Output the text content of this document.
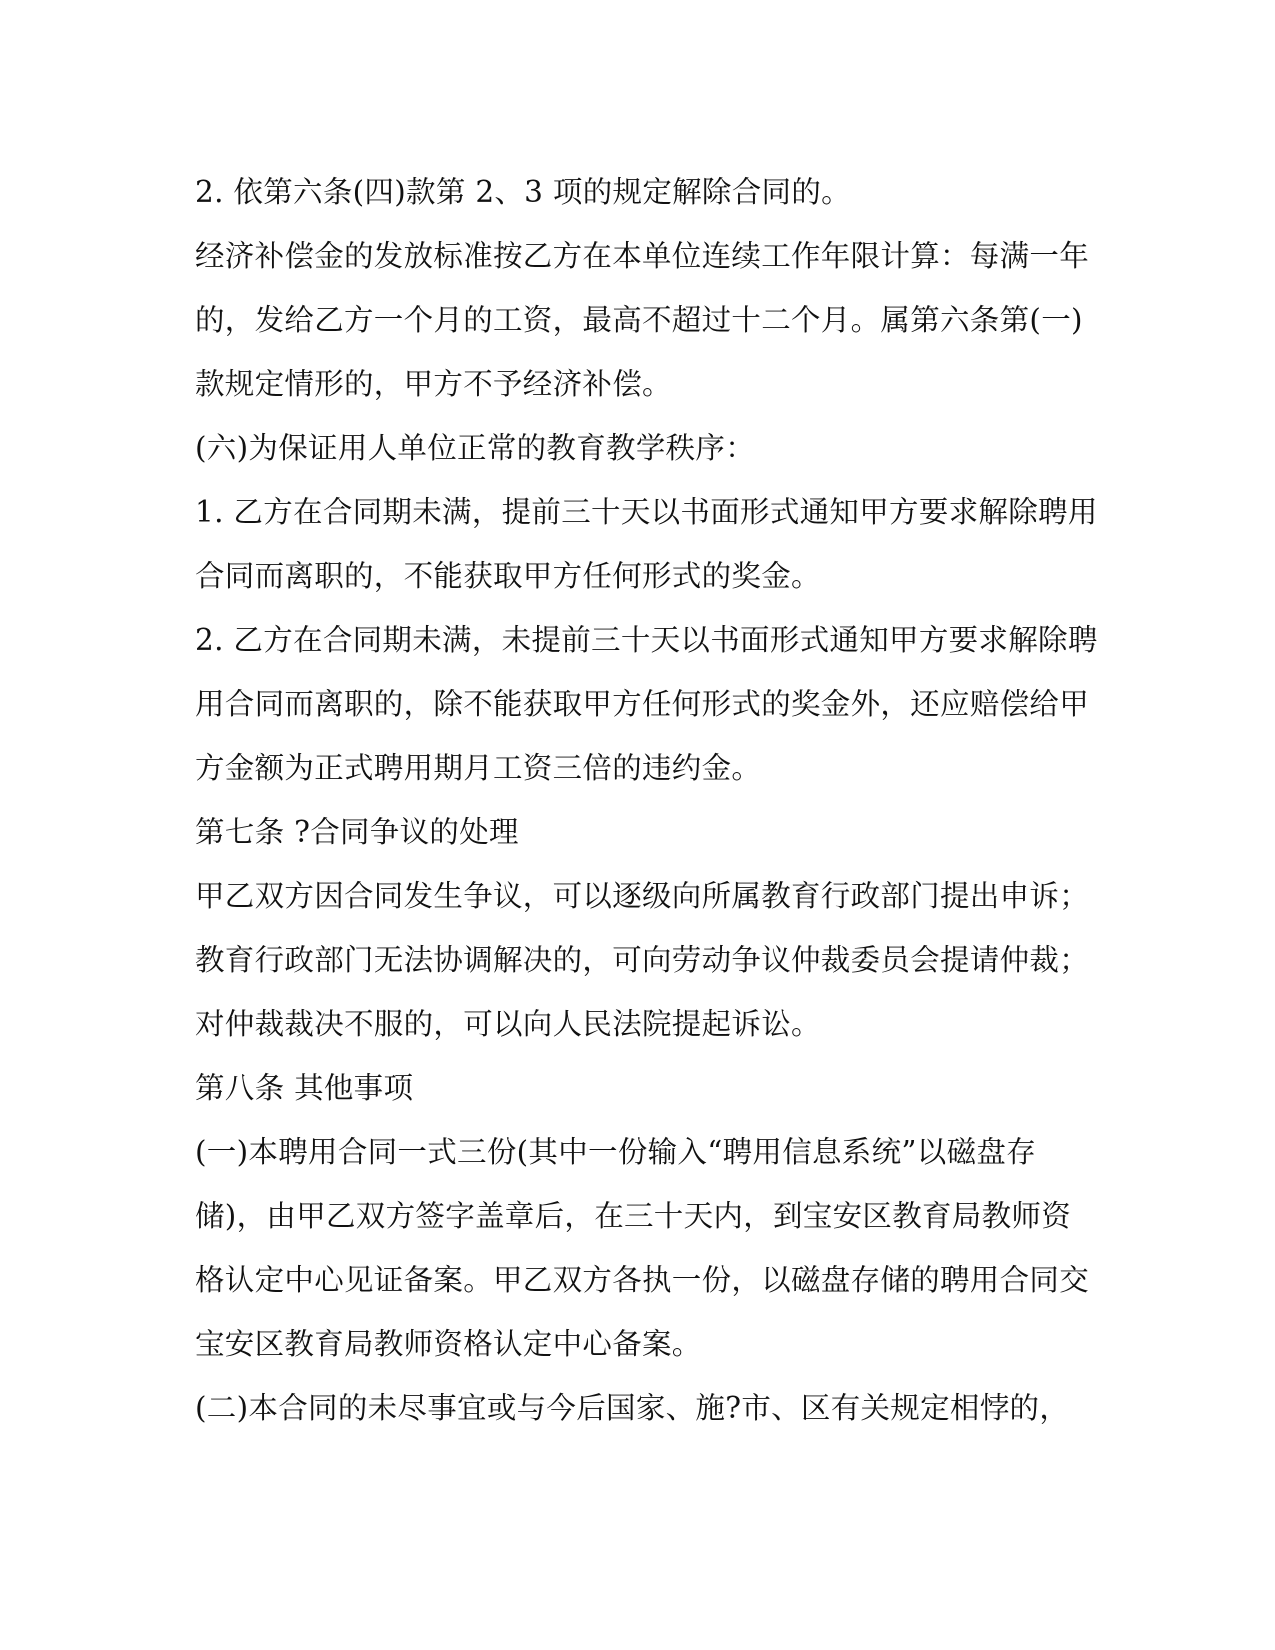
2. 依第六条(四)款第 2、3 项的规定解除合同的。

经济补偿金的发放标准按乙方在本单位连续工作年限计算：每满一年

的，发给乙方一个月的工资，最高不超过十二个月。属第六条第(一)

款规定情形的，甲方不予经济补偿。

(六)为保证用人单位正常的教育教学秩序：

1. 乙方在合同期未满，提前三十天以书面形式通知甲方要求解除聘用

合同而离职的，不能获取甲方任何形式的奖金。

2. 乙方在合同期未满，未提前三十天以书面形式通知甲方要求解除聘

用合同而离职的，除不能获取甲方任何形式的奖金外，还应赔偿给甲

方金额为正式聘用期月工资三倍的违约金。

第七条 ?合同争议的处理

甲乙双方因合同发生争议，可以逐级向所属教育行政部门提出申诉；

教育行政部门无法协调解决的，可向劳动争议仲裁委员会提请仲裁；

对仲裁裁决不服的，可以向人民法院提起诉讼。

第八条 其他事项

(一)本聘用合同一式三份(其中一份输入“聘用信息系统”以磁盘存

储)，由甲乙双方签字盖章后，在三十天内，到宝安区教育局教师资

格认定中心见证备案。甲乙双方各执一份，以磁盘存储的聘用合同交

宝安区教育局教师资格认定中心备案。

(二)本合同的未尽事宜或与今后国家、施?市、区有关规定相悖的，
